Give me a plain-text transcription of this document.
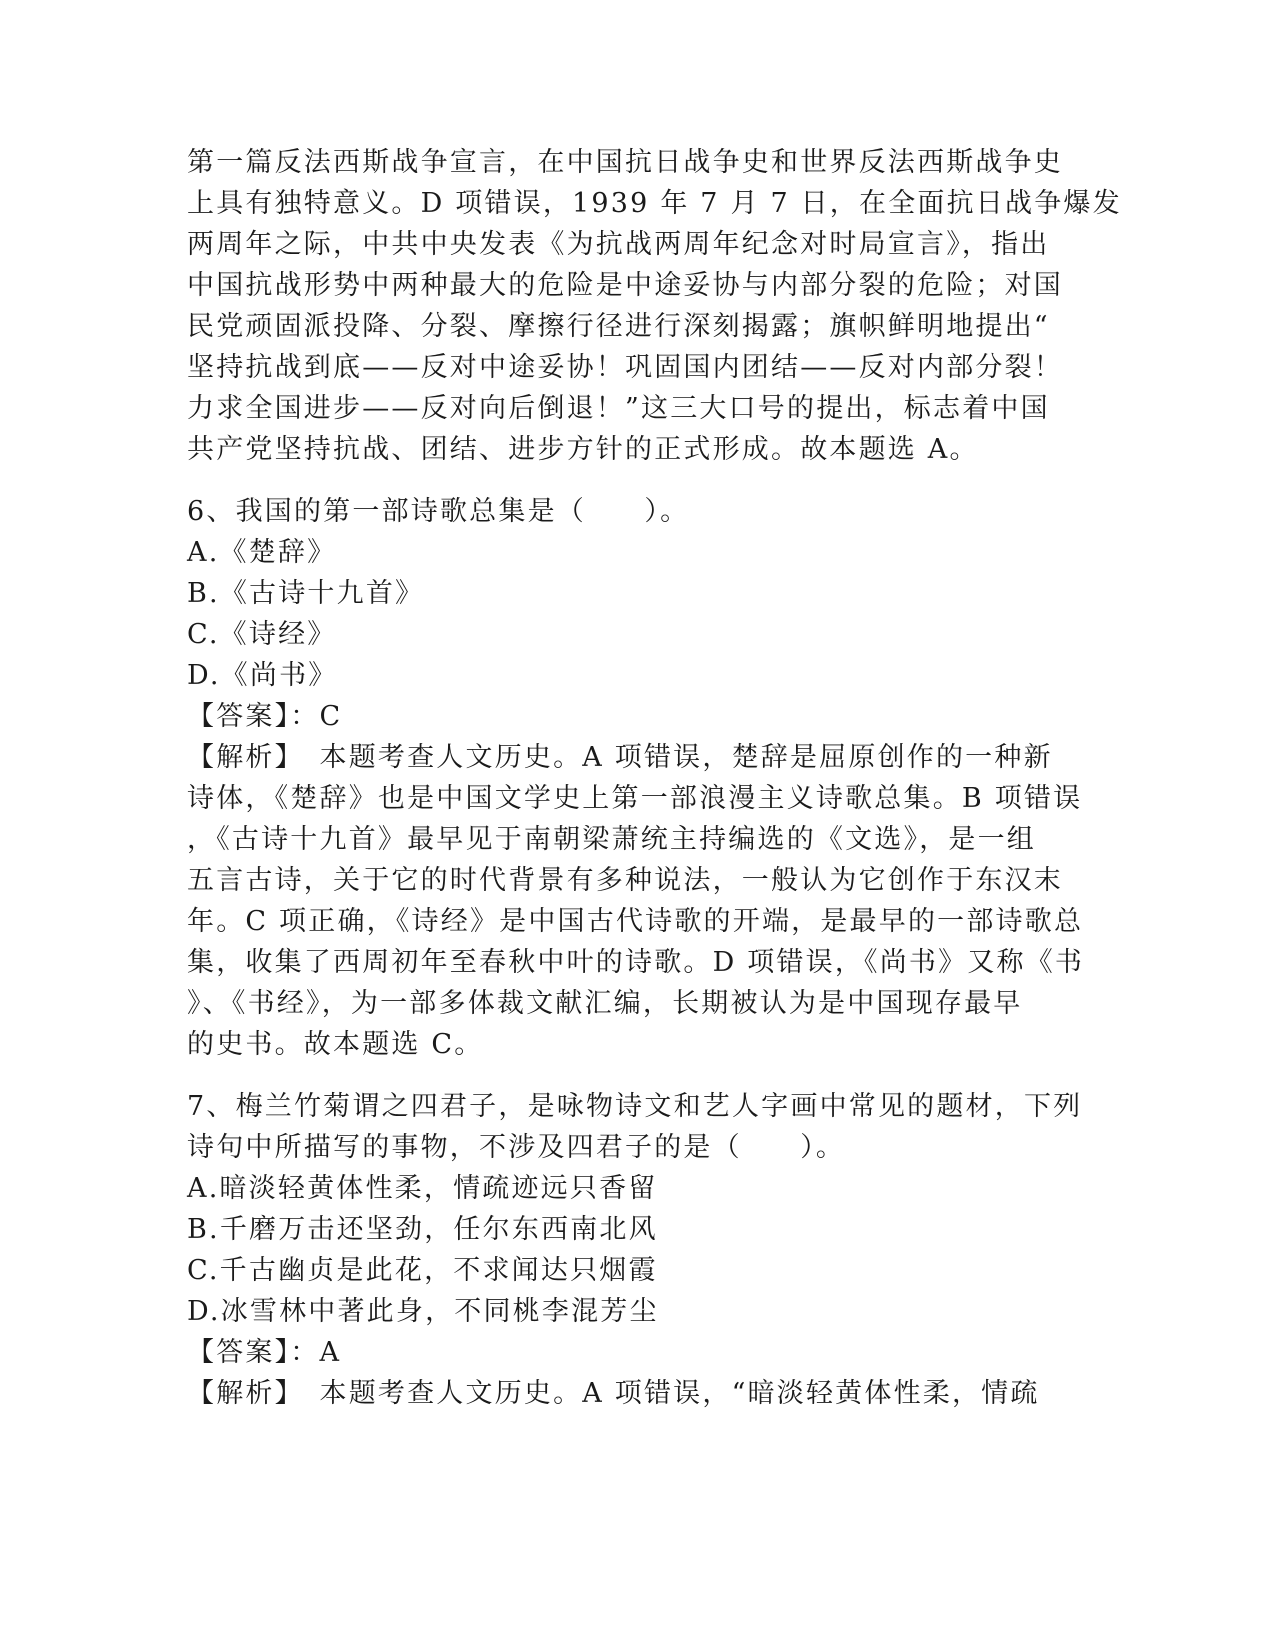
第一篇反法西斯战争宣言，在中国抗日战争史和世界反法西斯战争史
上具有独特意义。D 项错误，1939 年 7 月 7 日，在全面抗日战争爆发
两周年之际，中共中央发表《为抗战两周年纪念对时局宣言》，指出
中国抗战形势中两种最大的危险是中途妥协与内部分裂的危险；对国
民党顽固派投降、分裂、摩擦行径进行深刻揭露；旗帜鲜明地提出“
坚持抗战到底——反对中途妥协！巩固国内团结——反对内部分裂！
力求全国进步——反对向后倒退！”这三大口号的提出，标志着中国
共产党坚持抗战、团结、进步方针的正式形成。故本题选 A。
6、我国的第一部诗歌总集是（　　）。
A.《楚辞》
B.《古诗十九首》
C.《诗经》
D.《尚书》
【答案】：C
【解析】　本题考查人文历史。A 项错误，楚辞是屈原创作的一种新
诗体，《楚辞》也是中国文学史上第一部浪漫主义诗歌总集。B 项错误
，《古诗十九首》最早见于南朝梁萧统主持编选的《文选》，是一组
五言古诗，关于它的时代背景有多种说法，一般认为它创作于东汉末
年。C 项正确，《诗经》是中国古代诗歌的开端，是最早的一部诗歌总
集，收集了西周初年至春秋中叶的诗歌。D 项错误，《尚书》又称《书
》、《书经》，为一部多体裁文献汇编，长期被认为是中国现存最早
的史书。故本题选 C。
7、梅兰竹菊谓之四君子，是咏物诗文和艺人字画中常见的题材，下列
诗句中所描写的事物，不涉及四君子的是（　　）。
A.暗淡轻黄体性柔，情疏迹远只香留
B.千磨万击还坚劲，任尔东西南北风
C.千古幽贞是此花，不求闻达只烟霞
D.冰雪林中著此身，不同桃李混芳尘
【答案】：A
【解析】　本题考查人文历史。A 项错误，“暗淡轻黄体性柔，情疏
